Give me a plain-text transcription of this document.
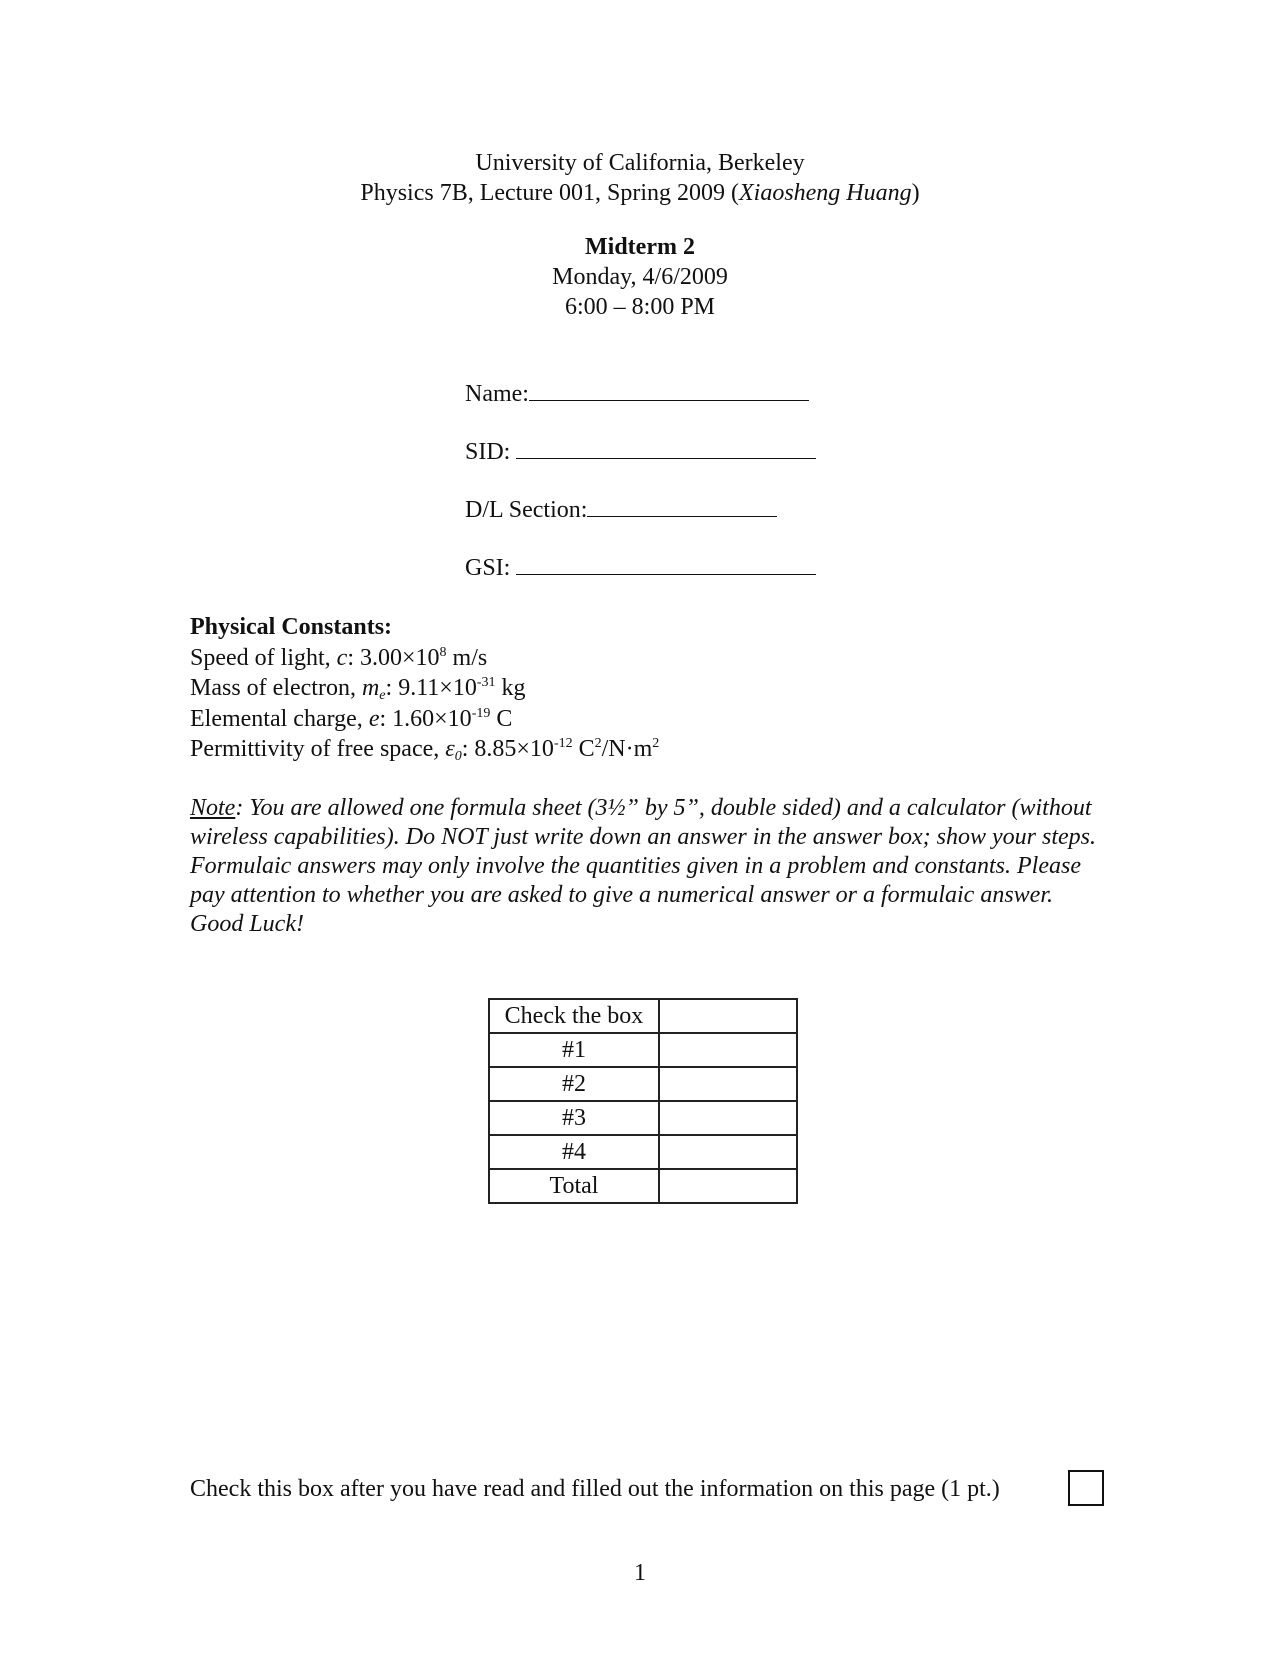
University of California, Berkeley
Physics 7B, Lecture 001, Spring 2009 (Xiaosheng Huang)
Midterm 2
Monday, 4/6/2009
6:00 – 8:00 PM
Name:
SID:
D/L Section:
GSI:
Physical Constants:
Speed of light, c: $3.00\times 10^8$ m/s
Mass of electron, $m_e$: $9.11\times 10^{-31}$ kg
Elemental charge, e: $1.60\times 10^{-19}$ C
Permittivity of free space, $\varepsilon_0$: $8.85\times 10^{-12}$ $C^2/N\cdot m^2$
Note: You are allowed one formula sheet (3½” by 5”, double sided) and a calculator (without wireless capabilities). Do NOT just write down an answer in the answer box; show your steps. Formulaic answers may only involve the quantities given in a problem and constants. Please pay attention to whether you are asked to give a numerical answer or a formulaic answer. Good Luck!
Check the box	
#1	
#2	
#3	
#4	
Total	
Check this box after you have read and filled out the information on this page (1 pt.)
1
